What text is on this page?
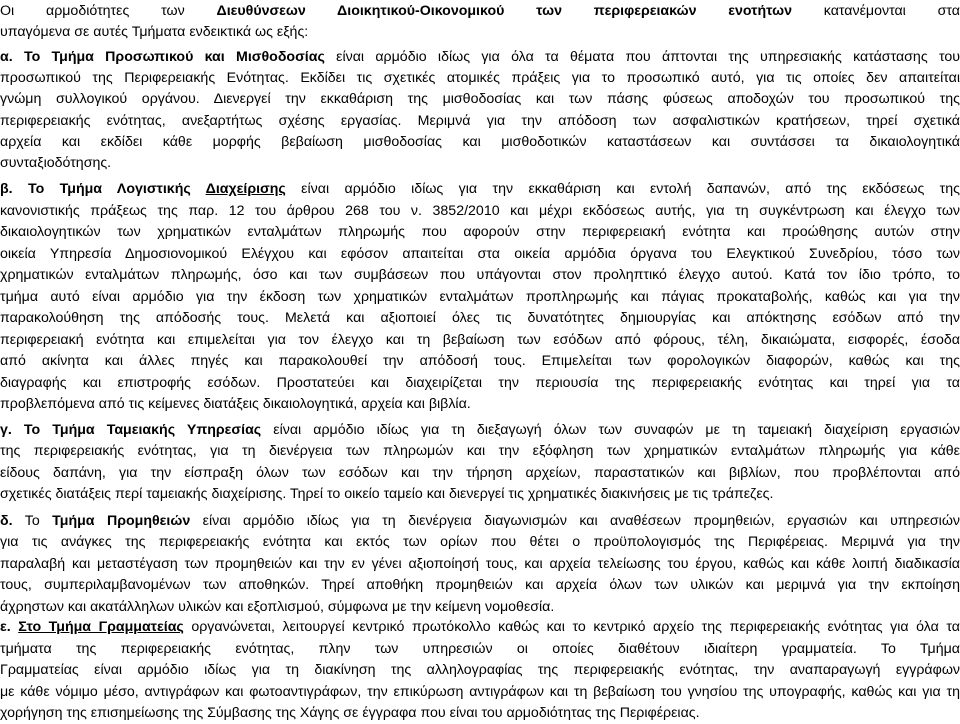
Οι αρμοδιότητες των Διευθύνσεων Διοικητικού-Οικονομικού των περιφερειακών ενοτήτων κατανέμονται στα
υπαγόμενα σε αυτές Τμήματα ενδεικτικά ως εξής:
α. Το Τμήμα Προσωπικού και Μισθοδοσίας είναι αρμόδιο ιδίως για όλα τα θέματα που άπτονται της υπηρεσιακής κατάστασης του
προσωπικού της Περιφερειακής Ενότητας. Εκδίδει τις σχετικές ατομικές πράξεις για το προσωπικό αυτό, για τις οποίες δεν απαιτείται
γνώμη συλλογικού οργάνου. Διενεργεί την εκκαθάριση της μισθοδοσίας και των πάσης φύσεως αποδοχών του προσωπικού της
περιφερειακής ενότητας, ανεξαρτήτως σχέσης εργασίας. Μεριμνά για την απόδοση των ασφαλιστικών κρατήσεων, τηρεί σχετικά
αρχεία και εκδίδει κάθε μορφής βεβαίωση μισθοδοσίας και μισθοδοτικών καταστάσεων και συντάσσει τα δικαιολογητικά
συνταξιοδότησης.
β. Το Τμήμα Λογιστικής Διαχείρισης είναι αρμόδιο ιδίως για την εκκαθάριση και εντολή δαπανών, από της εκδόσεως της
κανονιστικής πράξεως της παρ. 12 του άρθρου 268 του ν. 3852/2010 και μέχρι εκδόσεως αυτής, για τη συγκέντρωση και έλεγχο των
δικαιολογητικών των χρηματικών ενταλμάτων πληρωμής που αφορούν στην περιφερειακή ενότητα και προώθησης αυτών στην
οικεία Υπηρεσία Δημοσιονομικού Ελέγχου και εφόσον απαιτείται στα οικεία αρμόδια όργανα του Ελεγκτικού Συνεδρίου, τόσο των
χρηματικών ενταλμάτων πληρωμής, όσο και των συμβάσεων που υπάγονται στον προληπτικό έλεγχο αυτού. Κατά τον ίδιο τρόπο, το
τμήμα αυτό είναι αρμόδιο για την έκδοση των χρηματικών ενταλμάτων προπληρωμής και πάγιας προκαταβολής, καθώς και για την
παρακολούθηση της απόδοσής τους. Μελετά και αξιοποιεί όλες τις δυνατότητες δημιουργίας και απόκτησης εσόδων από την
περιφερειακή ενότητα και επιμελείται για τον έλεγχο και τη βεβαίωση των εσόδων από φόρους, τέλη, δικαιώματα, εισφορές, έσοδα
από ακίνητα και άλλες πηγές και παρακολουθεί την απόδοσή τους. Επιμελείται των φορολογικών διαφορών, καθώς και της
διαγραφής και επιστροφής εσόδων. Προστατεύει και διαχειρίζεται την περιουσία της περιφερειακής ενότητας και τηρεί για τα
προβλεπόμενα από τις κείμενες διατάξεις δικαιολογητικά, αρχεία και βιβλία.
γ. Το Τμήμα Ταμειακής Υπηρεσίας είναι αρμόδιο ιδίως για τη διεξαγωγή όλων των συναφών με τη ταμειακή διαχείριση εργασιών
της περιφερειακής ενότητας, για τη διενέργεια των πληρωμών και την εξόφληση των χρηματικών ενταλμάτων πληρωμής για κάθε
είδους δαπάνη, για την είσπραξη όλων των εσόδων και την τήρηση αρχείων, παραστατικών και βιβλίων, που προβλέπονται από
σχετικές διατάξεις περί ταμειακής διαχείρισης. Τηρεί το οικείο ταμείο και διενεργεί τις χρηματικές διακινήσεις με τις τράπεζες.
δ. Το Τμήμα Προμηθειών είναι αρμόδιο ιδίως για τη διενέργεια διαγωνισμών και αναθέσεων προμηθειών, εργασιών και υπηρεσιών
για τις ανάγκες της περιφερειακής ενότητα και εκτός των ορίων που θέτει ο προϋπολογισμός της Περιφέρειας. Μεριμνά για την
παραλαβή και μεταστέγαση των προμηθειών και την εν γένει αξιοποίησή τους, και αρχεία τελείωσης του έργου, καθώς και κάθε λοιπή διαδικασία
τους, συμπεριλαμβανομένων των αποθηκών. Τηρεί αποθήκη προμηθειών και αρχεία όλων των υλικών και μεριμνά για την εκποίηση
άχρηστων και ακατάλληλων υλικών και εξοπλισμού, σύμφωνα με την κείμενη νομοθεσία.
ε. Στο Τμήμα Γραμματείας οργανώνεται, λειτουργεί κεντρικό πρωτόκολλο καθώς και το κεντρικό αρχείο της περιφερειακής ενότητας για όλα τα
τμήματα της περιφερειακής ενότητας, πλην των υπηρεσιών οι οποίες διαθέτουν ιδιαίτερη γραμματεία. Το Τμήμα
Γραμματείας είναι αρμόδιο ιδίως για τη διακίνηση της αλληλογραφίας της περιφερειακής ενότητας, την αναπαραγωγή εγγράφων
με κάθε νόμιμο μέσο, αντιγράφων και φωτοαντιγράφων, την επικύρωση αντιγράφων και τη βεβαίωση του γνησίου της υπογραφής, καθώς και για τη
χορήγηση της επισημείωσης της Σύμβασης της Χάγης σε έγγραφα που είναι του αρμοδιότητας της Περιφέρειας.
